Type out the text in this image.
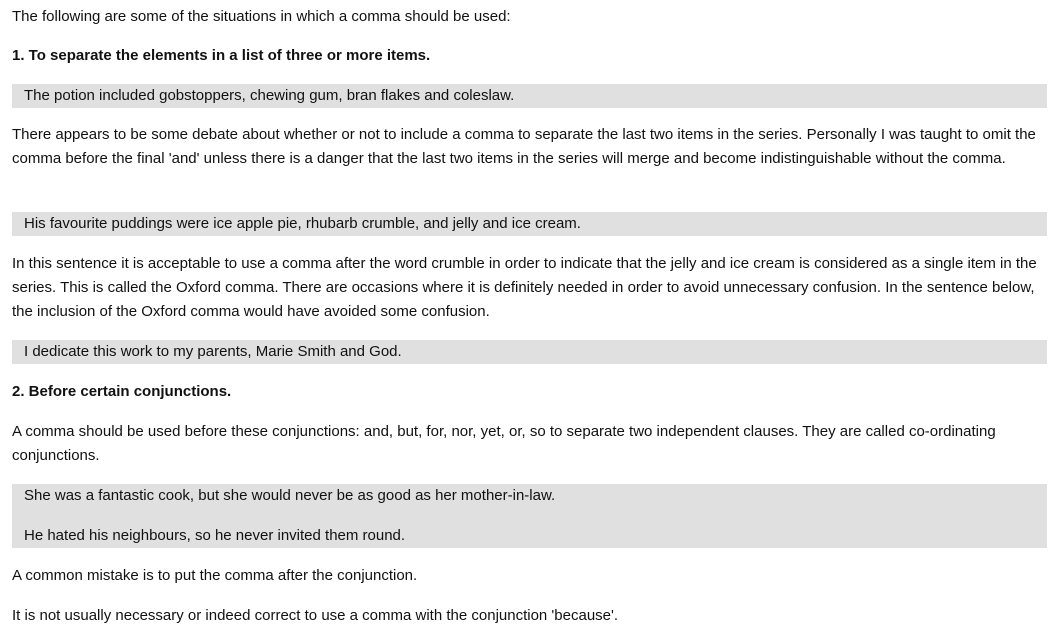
The following are some of the situations in which a comma should be used:

1. To separate the elements in a list of three or more items.

The potion included gobstoppers, chewing gum, bran flakes and coleslaw.

There appears to be some debate about whether or not to include a comma to separate the last two items in the series. Personally I was taught to omit the comma before the final 'and' unless there is a danger that the last two items in the series will merge and become indistinguishable without the comma.

His favourite puddings were ice apple pie, rhubarb crumble, and jelly and ice cream.

In this sentence it is acceptable to use a comma after the word crumble in order to indicate that the jelly and ice cream is considered as a single item in the series. This is called the Oxford comma. There are occasions where it is definitely needed in order to avoid unnecessary confusion. In the sentence below, the inclusion of the Oxford comma would have avoided some confusion.

I dedicate this work to my parents, Marie Smith and God.

2. Before certain conjunctions.

A comma should be used before these conjunctions: and, but, for, nor, yet, or, so to separate two independent clauses. They are called co-ordinating conjunctions.

She was a fantastic cook, but she would never be as good as her mother-in-law.

He hated his neighbours, so he never invited them round.

A common mistake is to put the comma after the conjunction.

It is not usually necessary or indeed correct to use a comma with the conjunction 'because'.
